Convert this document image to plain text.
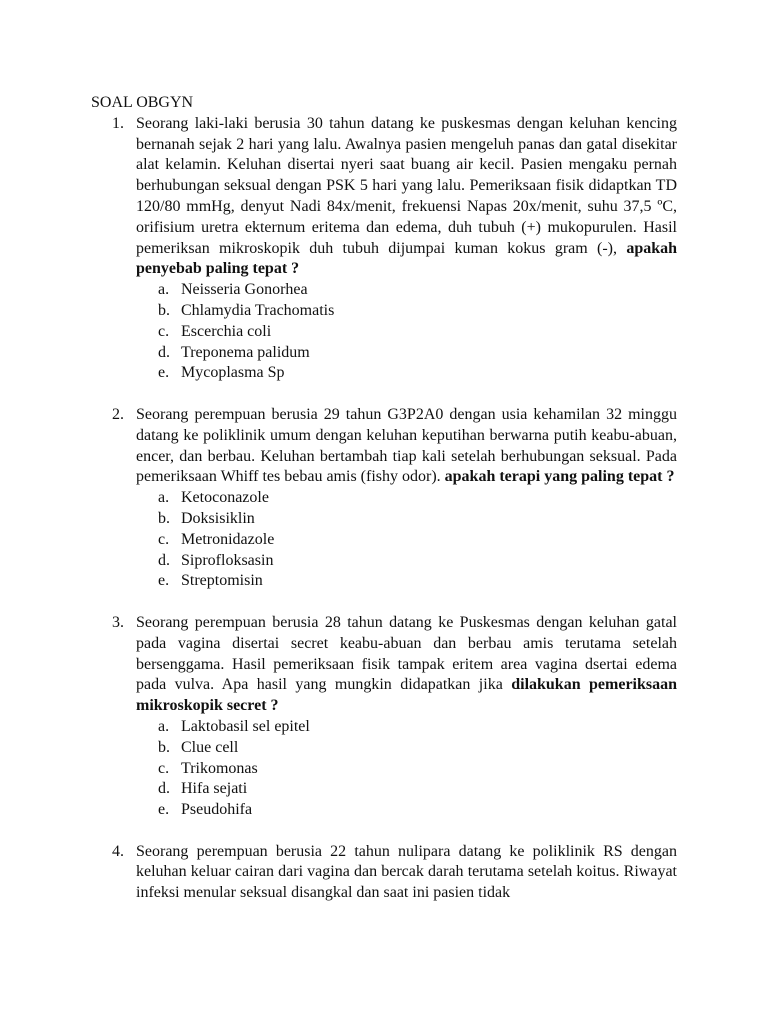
SOAL OBGYN
1. Seorang laki-laki berusia 30 tahun datang ke puskesmas dengan keluhan kencing bernanah sejak 2 hari yang lalu. Awalnya pasien mengeluh panas dan gatal disekitar alat kelamin. Keluhan disertai nyeri saat buang air kecil. Pasien mengaku pernah berhubungan seksual dengan PSK 5 hari yang lalu. Pemeriksaan fisik didaptkan TD 120/80 mmHg, denyut Nadi 84x/menit, frekuensi Napas 20x/menit, suhu 37,5 ºC, orifisium uretra ekternum eritema dan edema, duh tubuh (+) mukopurulen. Hasil pemeriksan mikroskopik duh tubuh dijumpai kuman kokus gram (-), apakah penyebab paling tepat ?

a. Neisseria Gonorhea
b. Chlamydia Trachomatis
c. Escerchia coli
d. Treponema palidum
e. Mycoplasma Sp
2. Seorang perempuan berusia 29 tahun G3P2A0 dengan usia kehamilan 32 minggu datang ke poliklinik umum dengan keluhan keputihan berwarna putih keabu-abuan, encer, dan berbau. Keluhan bertambah tiap kali setelah berhubungan seksual. Pada pemeriksaan Whiff tes bebau amis (fishy odor). apakah terapi yang paling tepat ?

a. Ketoconazole
b. Doksisiklin
c. Metronidazole
d. Siprofloksasin
e. Streptomisin
3. Seorang perempuan berusia 28 tahun datang ke Puskesmas dengan keluhan gatal pada vagina disertai secret keabu-abuan dan berbau amis terutama setelah bersenggama. Hasil pemeriksaan fisik tampak eritem area vagina dsertai edema pada vulva. Apa hasil yang mungkin didapatkan jika dilakukan pemeriksaan mikroskopik secret ?

a. Laktobasil sel epitel
b. Clue cell
c. Trikomonas
d. Hifa sejati
e. Pseudohifa
4. Seorang perempuan berusia 22 tahun nulipara datang ke poliklinik RS dengan keluhan keluar cairan dari vagina dan bercak darah terutama setelah koitus. Riwayat infeksi menular seksual disangkal dan saat ini pasien tidak
